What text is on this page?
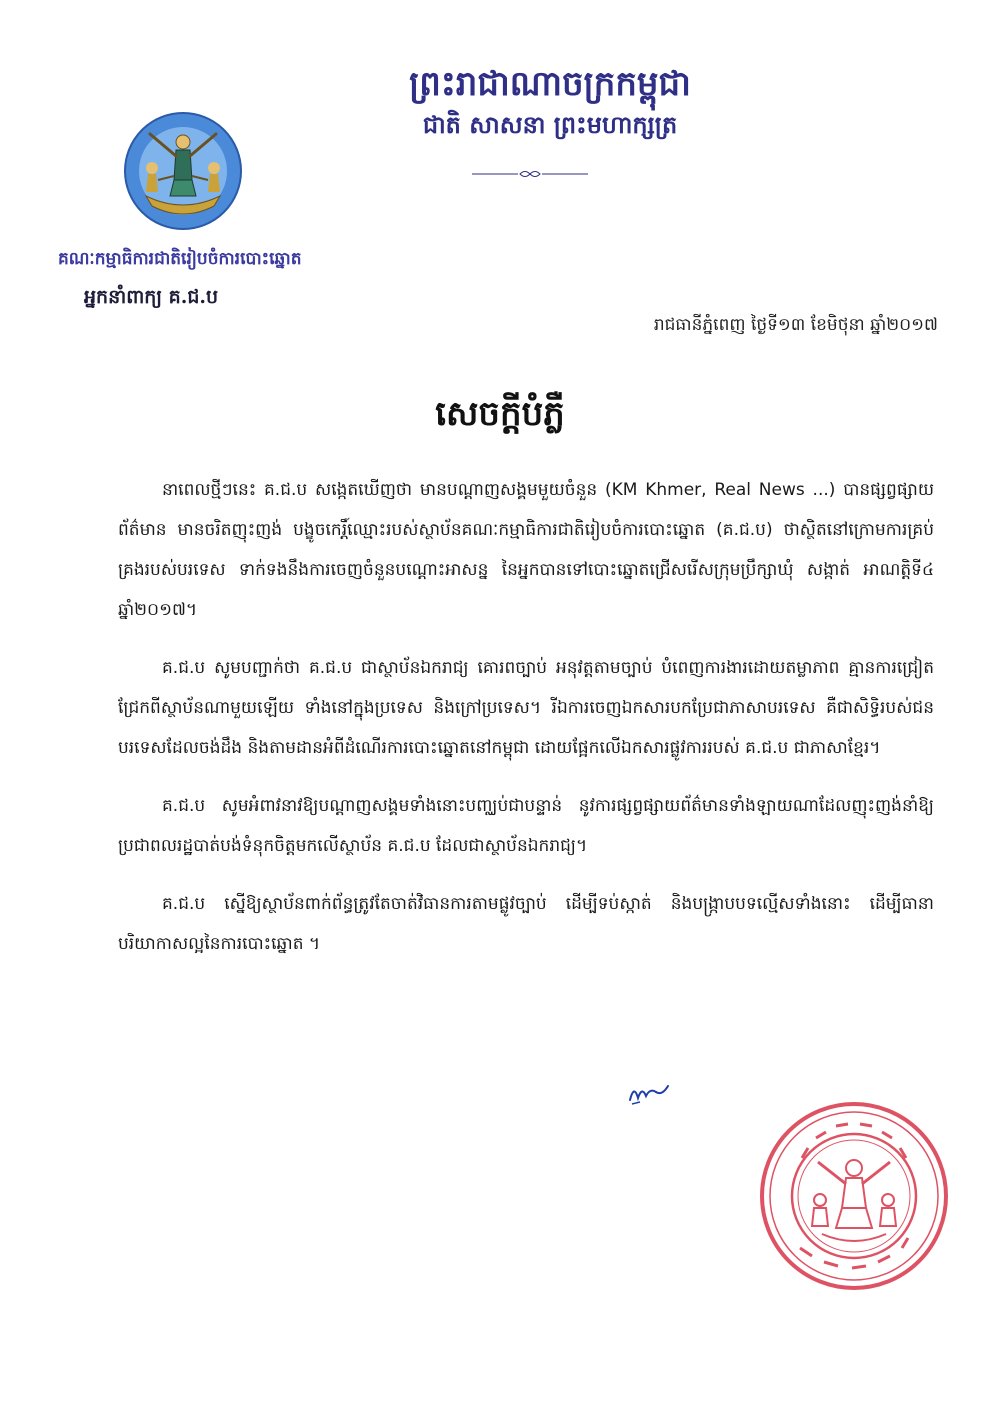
ព្រះរាជាណាចក្រកម្ពុជា
ជាតិ សាសនា ព្រះមហាក្សត្រ
គណៈកម្មាធិការជាតិរៀបចំការបោះឆ្នោត
អ្នកនាំពាក្យ គ.ជ.ប
រាជធានីភ្នំពេញ ថ្ងៃទី១៣ ខែមិថុនា ឆ្នាំ២០១៧
សេចក្តីបំភ្លឺ

នាពេលថ្មីៗនេះ គ.ជ.ប សង្កេតឃើញថា មានបណ្តាញសង្គមមួយចំនួន (KM Khmer, Real News ...) បានផ្សព្វផ្សាយព័ត៌មាន មានចរិតញុះញង់ បង្ខូចកេរ្តិ៍ឈ្មោះរបស់ស្ថាប័នគណៈកម្មាធិការជាតិរៀបចំការបោះឆ្នោត (គ.ជ.ប) ថាស្ថិតនៅក្រោមការគ្រប់គ្រងរបស់បរទេស ទាក់ទងនឹងការចេញចំនួនបណ្តោះអាសន្ន នៃអ្នកបានទៅបោះឆ្នោតជ្រើសរើសក្រុមប្រឹក្សាឃុំ សង្កាត់ អាណត្តិទី៤ ឆ្នាំ២០១៧។

គ.ជ.ប សូមបញ្ជាក់ថា គ.ជ.ប ជាស្ថាប័នឯករាជ្យ គោរពច្បាប់ អនុវត្តតាមច្បាប់ បំពេញការងារដោយតម្លាភាព គ្មានការជ្រៀតជ្រែកពីស្ថាប័នណាមួយឡើយ ទាំងនៅក្នុងប្រទេស និងក្រៅប្រទេស។ រីឯការចេញឯកសារបកប្រែជាភាសាបរទេស គឺជាសិទ្ធិរបស់ជនបរទេសដែលចង់ដឹង និងតាមដានអំពីដំណើរការបោះឆ្នោតនៅកម្ពុជា ដោយផ្អែកលើឯកសារផ្លូវការរបស់ គ.ជ.ប ជាភាសាខ្មែរ។

គ.ជ.ប សូមអំពាវនាវឱ្យបណ្តាញសង្គមទាំងនោះបញ្ឈប់ជាបន្ទាន់ នូវការផ្សព្វផ្សាយព័ត៌មានទាំងឡាយណាដែលញុះញង់នាំឱ្យប្រជាពលរដ្ឋបាត់បង់ទំនុកចិត្តមកលើស្ថាប័ន គ.ជ.ប ដែលជាស្ថាប័នឯករាជ្យ។

គ.ជ.ប ស្នើឱ្យស្ថាប័នពាក់ព័ន្ធត្រូវតែចាត់វិធានការតាមផ្លូវច្បាប់ ដើម្បីទប់ស្កាត់ និងបង្ក្រាបបទល្មើសទាំងនោះ ដើម្បីធានាបរិយាកាសល្អនៃការបោះឆ្នោត ។
